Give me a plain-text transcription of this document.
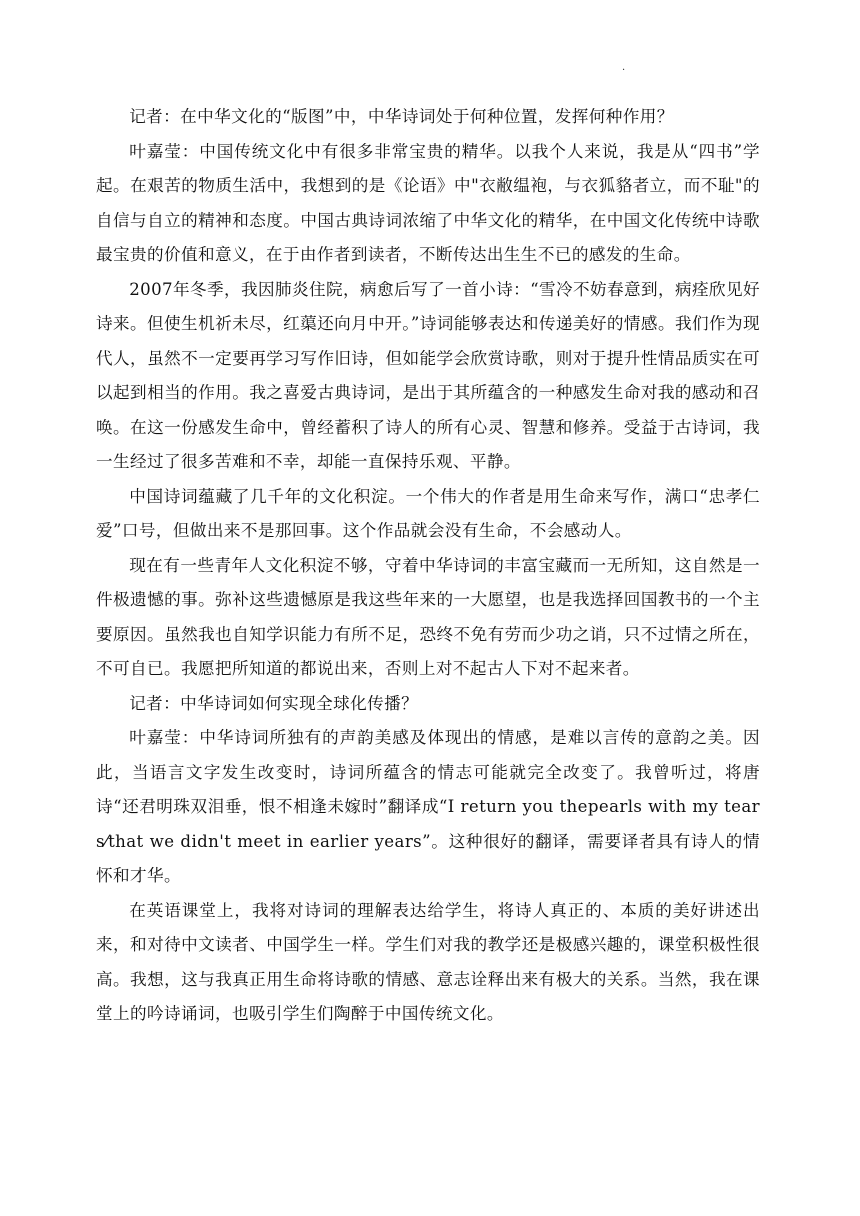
·

记者：在中华文化的“版图”中，中华诗词处于何种位置，发挥何种作用？

叶嘉莹：中国传统文化中有很多非常宝贵的精华。以我个人来说，我是从“四书”学起。在艰苦的物质生活中，我想到的是《论语》中"衣敝缊袍，与衣狐貉者立，而不耻"的自信与自立的精神和态度。中国古典诗词浓缩了中华文化的精华，在中国文化传统中诗歌最宝贵的价值和意义，在于由作者到读者，不断传达出生生不已的感发的生命。

2007年冬季，我因肺炎住院，病愈后写了一首小诗：“雪冷不妨春意到，病痊欣见好诗来。但使生机祈未尽，红蕖还向月中开。”诗词能够表达和传递美好的情感。我们作为现代人，虽然不一定要再学习写作旧诗，但如能学会欣赏诗歌，则对于提升性情品质实在可以起到相当的作用。我之喜爱古典诗词，是出于其所蕴含的一种感发生命对我的感动和召唤。在这一份感发生命中，曾经蓄积了诗人的所有心灵、智慧和修养。受益于古诗词，我一生经过了很多苦难和不幸，却能一直保持乐观、平静。

中国诗词蕴藏了几千年的文化积淀。一个伟大的作者是用生命来写作，满口“忠孝仁爱”口号，但做出来不是那回事。这个作品就会没有生命，不会感动人。

现在有一些青年人文化积淀不够，守着中华诗词的丰富宝藏而一无所知，这自然是一件极遗憾的事。弥补这些遗憾原是我这些年来的一大愿望，也是我选择回国教书的一个主要原因。虽然我也自知学识能力有所不足，恐终不免有劳而少功之诮，只不过情之所在，不可自已。我愿把所知道的都说出来，否则上对不起古人下对不起来者。

记者：中华诗词如何实现全球化传播？

叶嘉莹：中华诗词所独有的声韵美感及体现出的情感，是难以言传的意韵之美。因此，当语言文字发生改变时，诗词所蕴含的情志可能就完全改变了。我曾听过，将唐诗“还君明珠双泪垂，恨不相逢未嫁时”翻译成“I return you thepearls with my tears⁄that we didn't meet in earlier years”。这种很好的翻译，需要译者具有诗人的情怀和才华。

在英语课堂上，我将对诗词的理解表达给学生，将诗人真正的、本质的美好讲述出来，和对待中文读者、中国学生一样。学生们对我的教学还是极感兴趣的，课堂积极性很高。我想，这与我真正用生命将诗歌的情感、意志诠释出来有极大的关系。当然，我在课堂上的吟诗诵词，也吸引学生们陶醉于中国传统文化。
